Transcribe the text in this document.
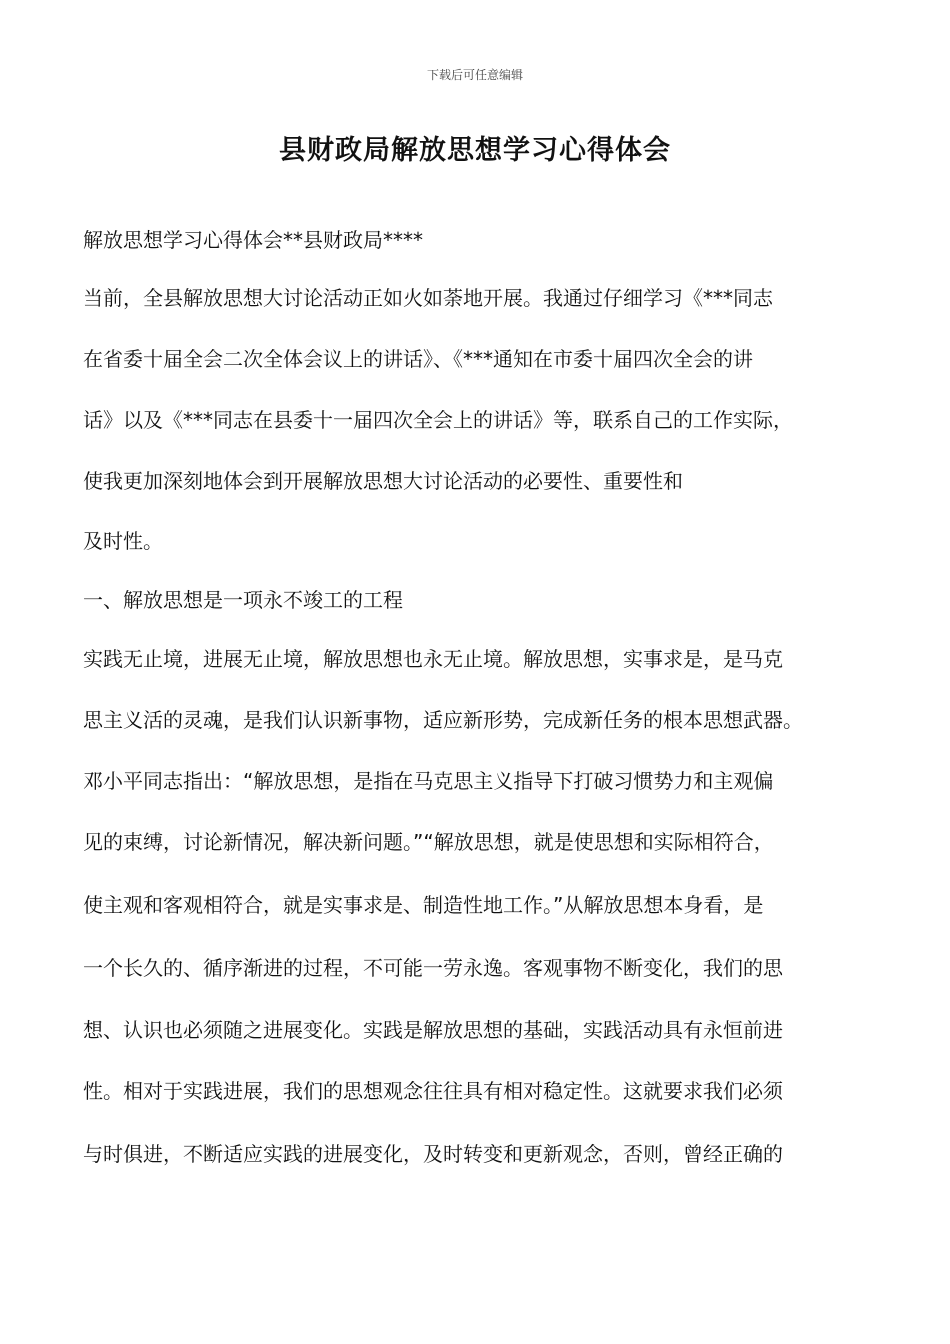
下载后可任意编辑
县财政局解放思想学习心得体会
解放思想学习心得体会**县财政局****
当前，全县解放思想大讨论活动正如火如荼地开展。我通过仔细学习《***同志
在省委十届全会二次全体会议上的讲话》、《***通知在市委十届四次全会的讲
话》以及《***同志在县委十一届四次全会上的讲话》等，联系自己的工作实际，
使我更加深刻地体会到开展解放思想大讨论活动的必要性、重要性和
及时性。
一、解放思想是一项永不竣工的工程
实践无止境，进展无止境，解放思想也永无止境。解放思想，实事求是，是马克
思主义活的灵魂，是我们认识新事物，适应新形势，完成新任务的根本思想武器。
邓小平同志指出：“解放思想，是指在马克思主义指导下打破习惯势力和主观偏
见的束缚，讨论新情况，解决新问题。”“解放思想，就是使思想和实际相符合，
使主观和客观相符合，就是实事求是、制造性地工作。”从解放思想本身看，是
一个长久的、循序渐进的过程，不可能一劳永逸。客观事物不断变化，我们的思
想、认识也必须随之进展变化。实践是解放思想的基础，实践活动具有永恒前进
性。相对于实践进展，我们的思想观念往往具有相对稳定性。这就要求我们必须
与时俱进，不断适应实践的进展变化，及时转变和更新观念，否则，曾经正确的
